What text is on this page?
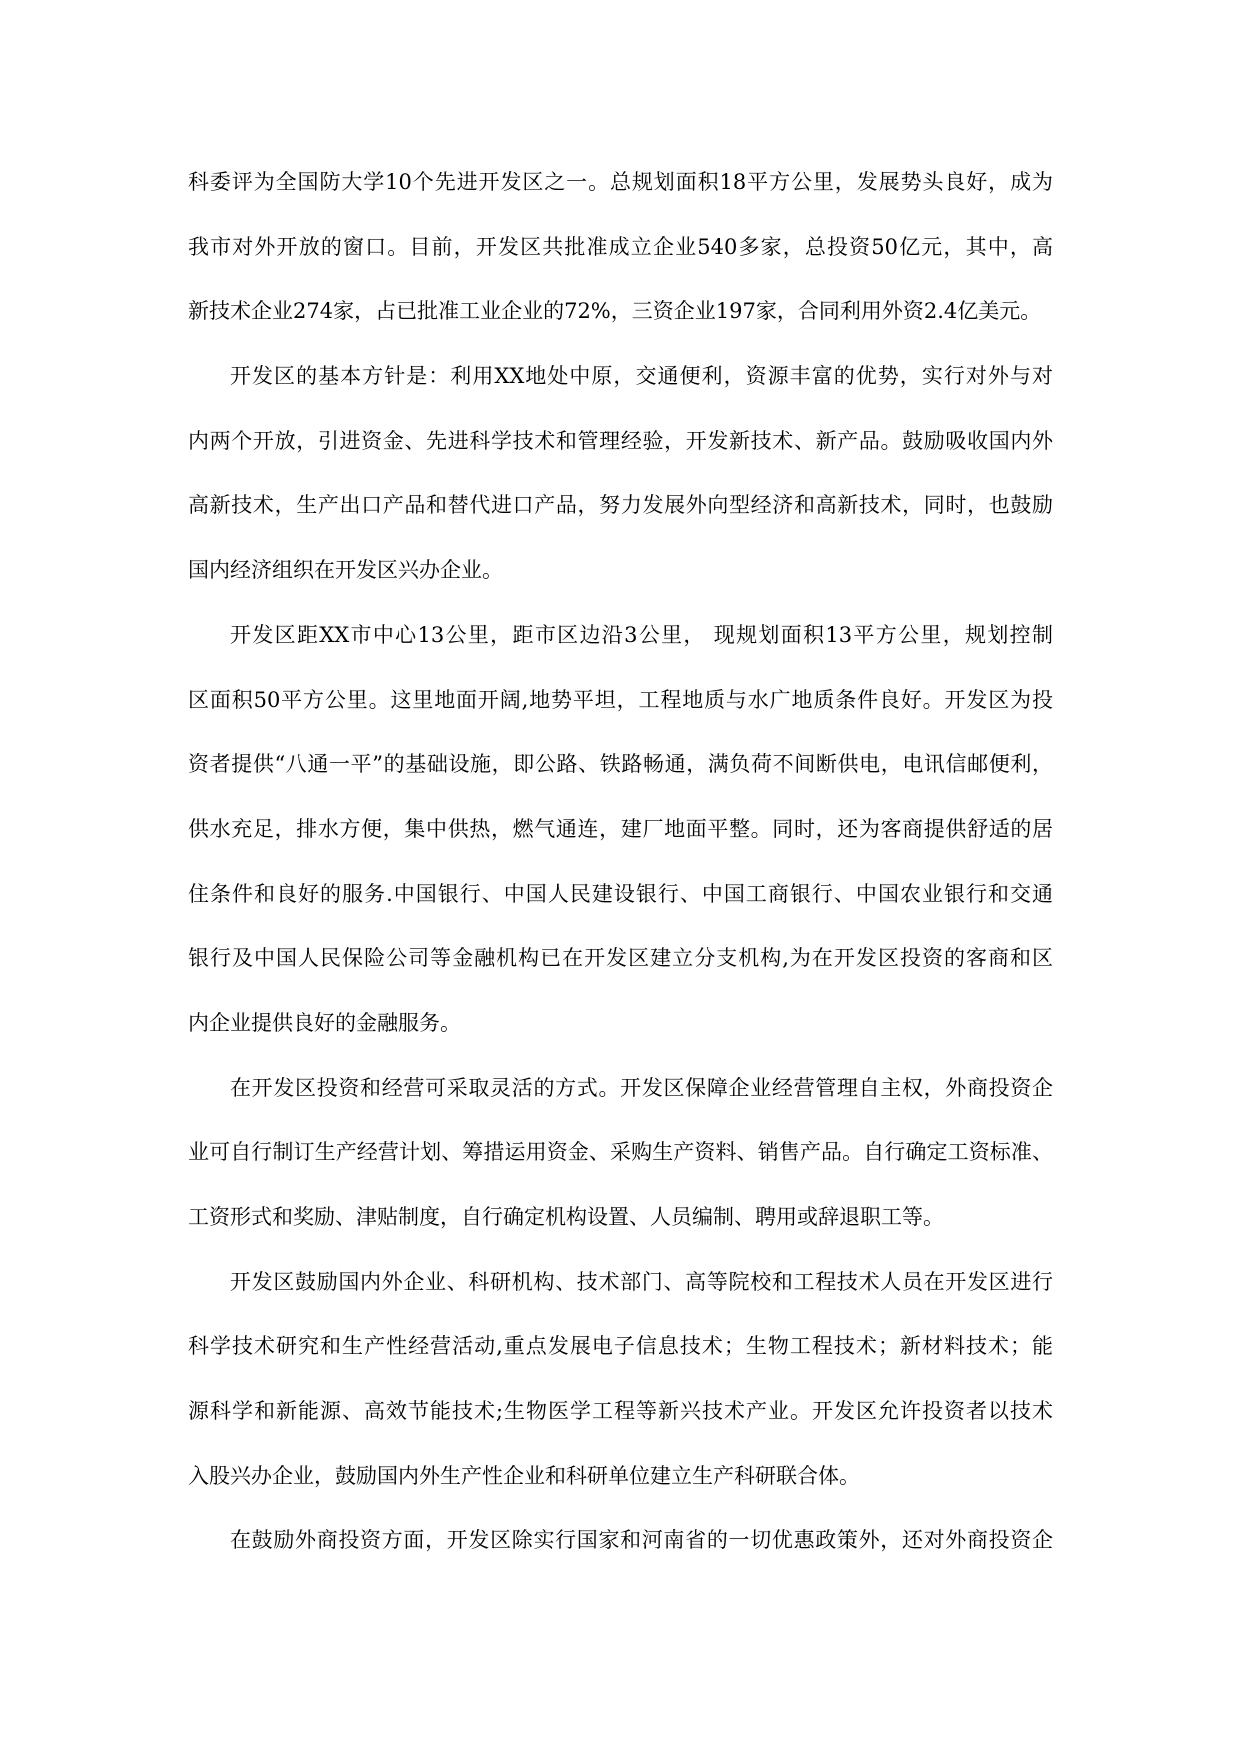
科委评为全国防大学10个先进开发区之一。总规划面积18平方公里，发展势头良好，成为
我市对外开放的窗口。目前，开发区共批准成立企业540多家，总投资50亿元，其中，高
新技术企业274家，占已批准工业企业的72%，三资企业197家，合同利用外资2.4亿美元。
开发区的基本方针是：利用XX地处中原，交通便利，资源丰富的优势，实行对外与对
内两个开放，引进资金、先进科学技术和管理经验，开发新技术、新产品。鼓励吸收国内外
高新技术，生产出口产品和替代进口产品，努力发展外向型经济和高新技术，同时，也鼓励
国内经济组织在开发区兴办企业。
开发区距XX市中心13公里，距市区边沿3公里， 现规划面积13平方公里，规划控制
区面积50平方公里。这里地面开阔,地势平坦，工程地质与水广地质条件良好。开发区为投
资者提供“八通一平”的基础设施，即公路、铁路畅通，满负荷不间断供电，电讯信邮便利，
供水充足，排水方便，集中供热，燃气通连，建厂地面平整。同时，还为客商提供舒适的居
住条件和良好的服务.中国银行、中国人民建设银行、中国工商银行、中国农业银行和交通
银行及中国人民保险公司等金融机构已在开发区建立分支机构,为在开发区投资的客商和区
内企业提供良好的金融服务。
在开发区投资和经营可采取灵活的方式。开发区保障企业经营管理自主权，外商投资企
业可自行制订生产经营计划、筹措运用资金、采购生产资料、销售产品。自行确定工资标准、
工资形式和奖励、津贴制度，自行确定机构设置、人员编制、聘用或辞退职工等。
开发区鼓励国内外企业、科研机构、技术部门、高等院校和工程技术人员在开发区进行
科学技术研究和生产性经营活动,重点发展电子信息技术；生物工程技术；新材料技术；能
源科学和新能源、高效节能技术;生物医学工程等新兴技术产业。开发区允许投资者以技术
入股兴办企业，鼓励国内外生产性企业和科研单位建立生产科研联合体。
在鼓励外商投资方面，开发区除实行国家和河南省的一切优惠政策外，还对外商投资企
